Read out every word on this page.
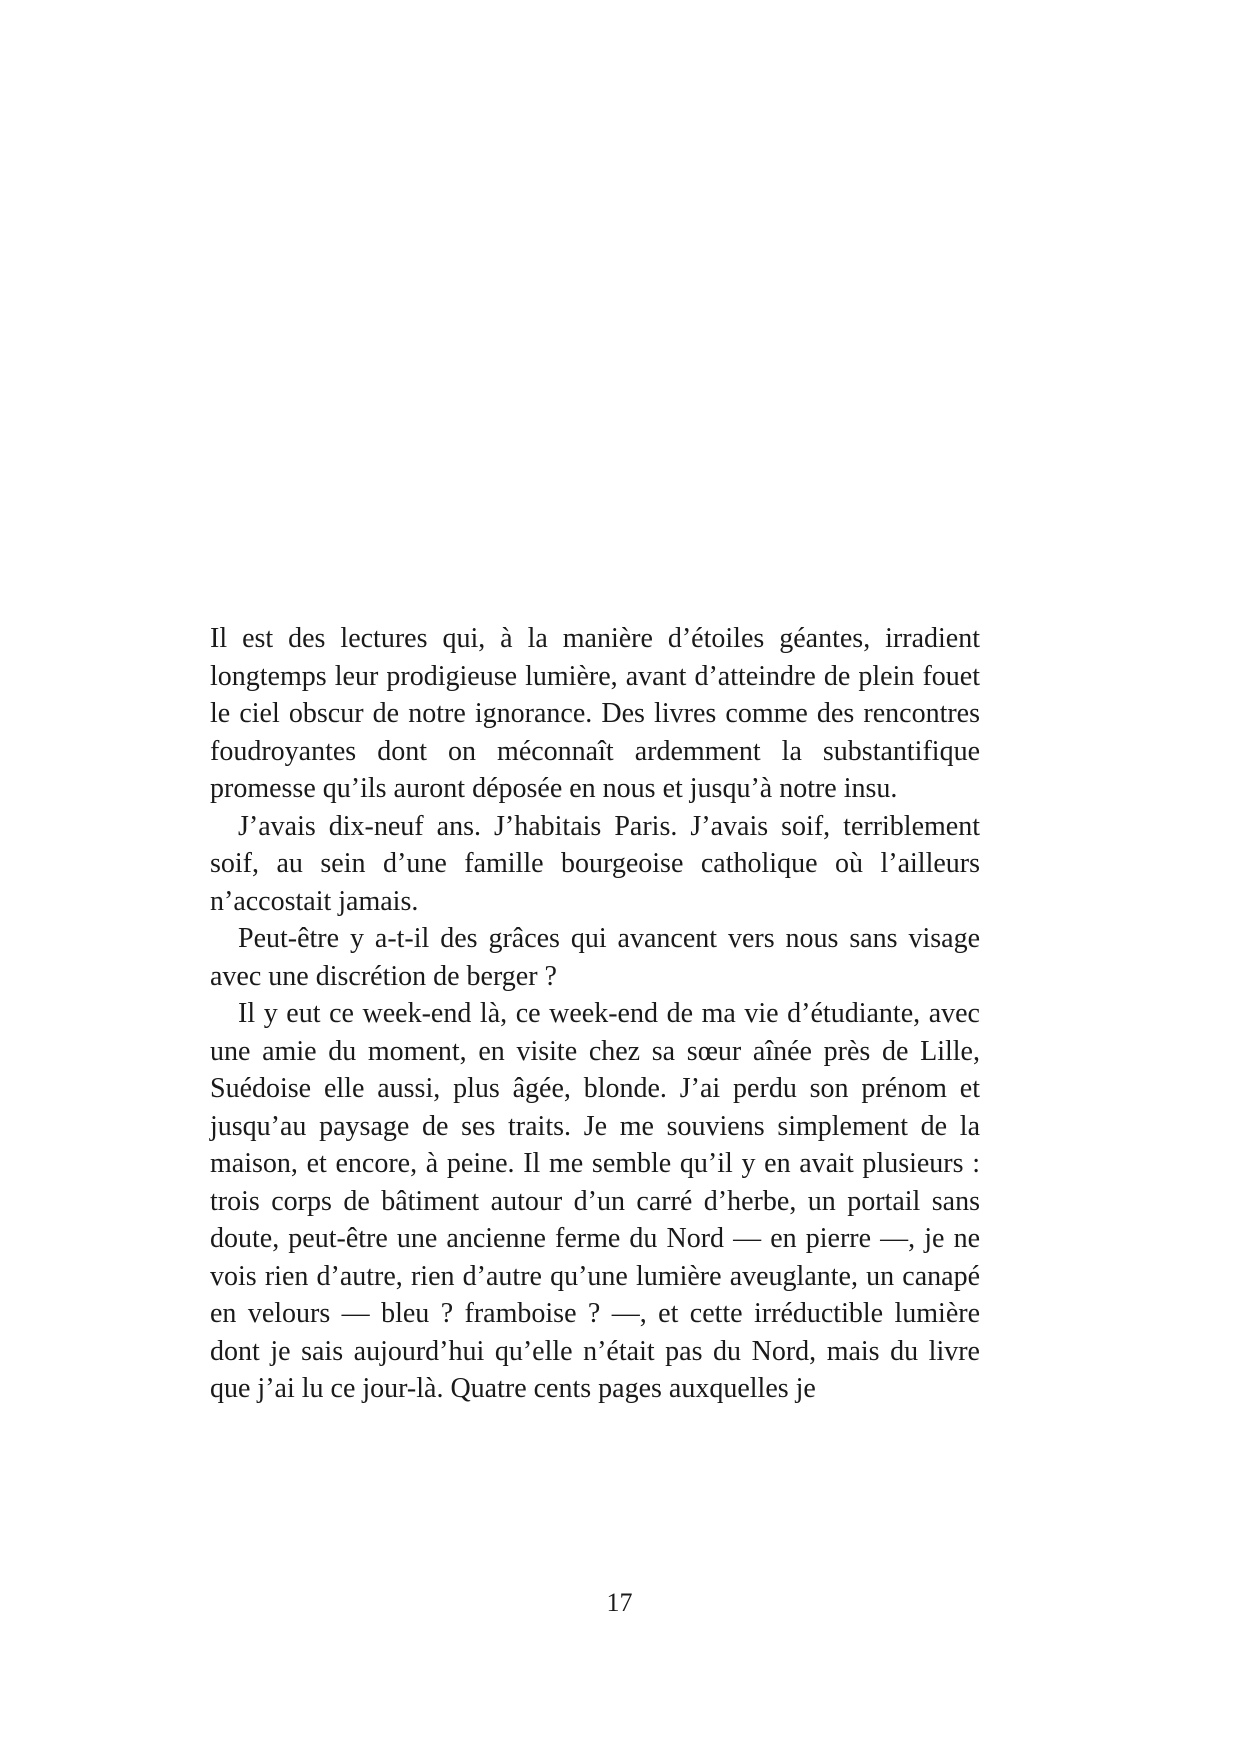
Il est des lectures qui, à la manière d’étoiles géantes, irradient longtemps leur prodigieuse lumière, avant d’atteindre de plein fouet le ciel obscur de notre ignorance. Des livres comme des rencontres foudroyantes dont on méconnaît ardemment la substantifique promesse qu’ils auront déposée en nous et jusqu’à notre insu.

J’avais dix-neuf ans. J’habitais Paris. J’avais soif, terriblement soif, au sein d’une famille bourgeoise catholique où l’ailleurs n’accostait jamais.

Peut-être y a-t-il des grâces qui avancent vers nous sans visage avec une discrétion de berger ?

Il y eut ce week-end là, ce week-end de ma vie d’étudiante, avec une amie du moment, en visite chez sa sœur aînée près de Lille, Suédoise elle aussi, plus âgée, blonde. J’ai perdu son prénom et jusqu’au paysage de ses traits. Je me souviens simplement de la maison, et encore, à peine. Il me semble qu’il y en avait plusieurs : trois corps de bâtiment autour d’un carré d’herbe, un portail sans doute, peut-être une ancienne ferme du Nord — en pierre —, je ne vois rien d’autre, rien d’autre qu’une lumière aveuglante, un canapé en velours — bleu ? framboise ? —, et cette irréductible lumière dont je sais aujourd’hui qu’elle n’était pas du Nord, mais du livre que j’ai lu ce jour-là. Quatre cents pages auxquelles je

17
